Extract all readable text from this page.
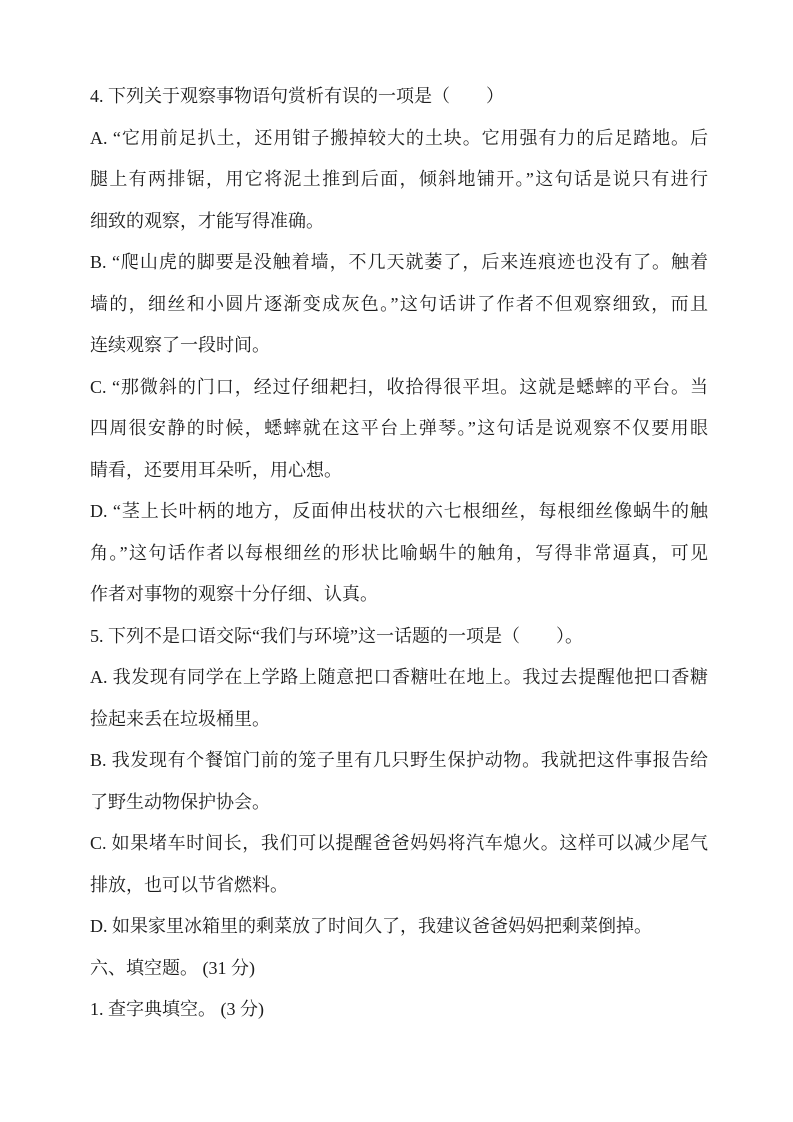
4. 下列关于观察事物语句赏析有误的一项是（　　）
A. “它用前足扒土，还用钳子搬掉较大的土块。它用强有力的后足踏地。后
腿上有两排锯，用它将泥土推到后面，倾斜地铺开。”这句话是说只有进行
细致的观察，才能写得准确。
B. “爬山虎的脚要是没触着墙，不几天就萎了，后来连痕迹也没有了。触着
墙的，细丝和小圆片逐渐变成灰色。”这句话讲了作者不但观察细致，而且
连续观察了一段时间。
C. “那微斜的门口，经过仔细耙扫，收拾得很平坦。这就是蟋蟀的平台。当
四周很安静的时候，蟋蟀就在这平台上弹琴。”这句话是说观察不仅要用眼
睛看，还要用耳朵听，用心想。
D. “茎上长叶柄的地方，反面伸出枝状的六七根细丝，每根细丝像蜗牛的触
角。”这句话作者以每根细丝的形状比喻蜗牛的触角，写得非常逼真，可见
作者对事物的观察十分仔细、认真。
5. 下列不是口语交际“我们与环境”这一话题的一项是（　　）。
A. 我发现有同学在上学路上随意把口香糖吐在地上。我过去提醒他把口香糖
捡起来丢在垃圾桶里。
B. 我发现有个餐馆门前的笼子里有几只野生保护动物。我就把这件事报告给
了野生动物保护协会。
C. 如果堵车时间长，我们可以提醒爸爸妈妈将汽车熄火。这样可以减少尾气
排放，也可以节省燃料。
D. 如果家里冰箱里的剩菜放了时间久了，我建议爸爸妈妈把剩菜倒掉。
六、填空题。 (31 分)
1. 查字典填空。 (3 分)
